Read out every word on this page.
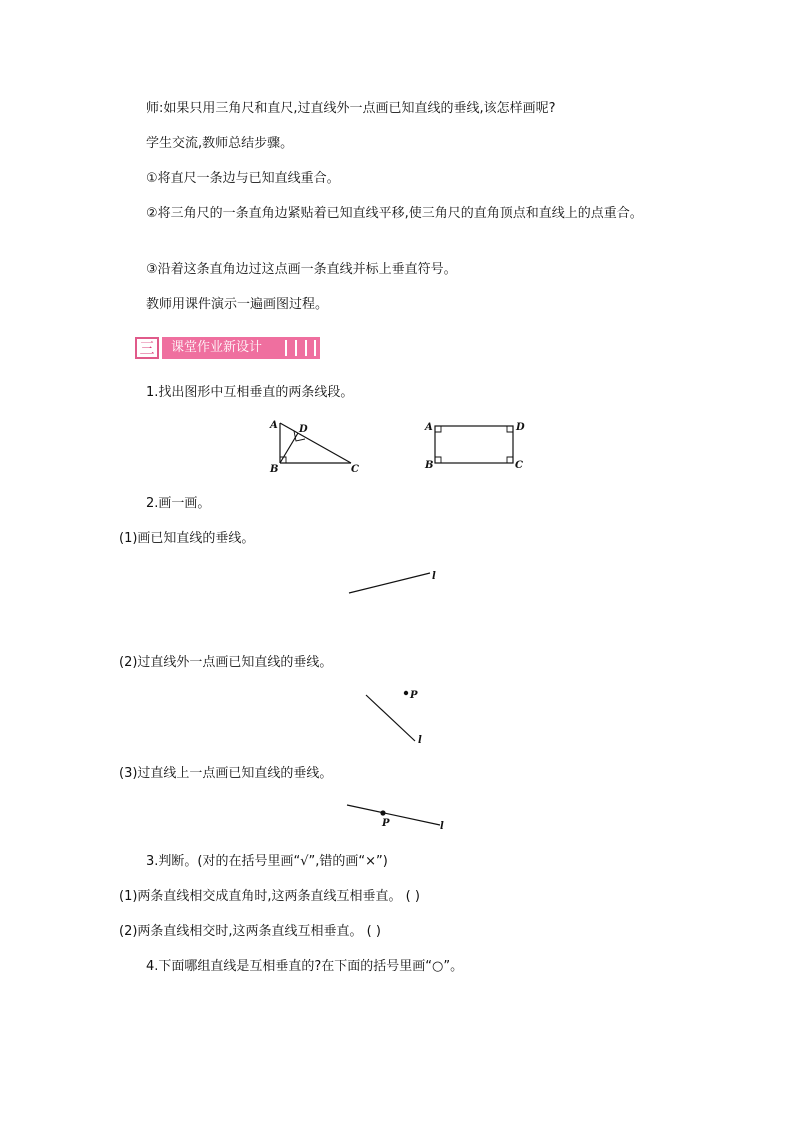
师:如果只用三角尺和直尺,过直线外一点画已知直线的垂线,该怎样画呢?
学生交流,教师总结步骤。
①将直尺一条边与已知直线重合。
②将三角尺的一条直角边紧贴着已知直线平移,使三角尺的直角顶点和直线上的点重合。
③沿着这条直角边过这点画一条直线并标上垂直符号。
教师用课件演示一遍画图过程。
三	课堂作业新设计
1.找出图形中互相垂直的两条线段。
A D
B	C
A	D
B	C
2.画一画。
(1)画已知直线的垂线。
l
(2)过直线外一点画已知直线的垂线。
P
l
(3)过直线上一点画已知直线的垂线。
P	l
3.判断。(对的在括号里画“√”,错的画“×”)
(1)两条直线相交成直角时,这两条直线互相垂直。 ( )
(2)两条直线相交时,这两条直线互相垂直。 ( )
4.下面哪组直线是互相垂直的?在下面的括号里画“○”。
